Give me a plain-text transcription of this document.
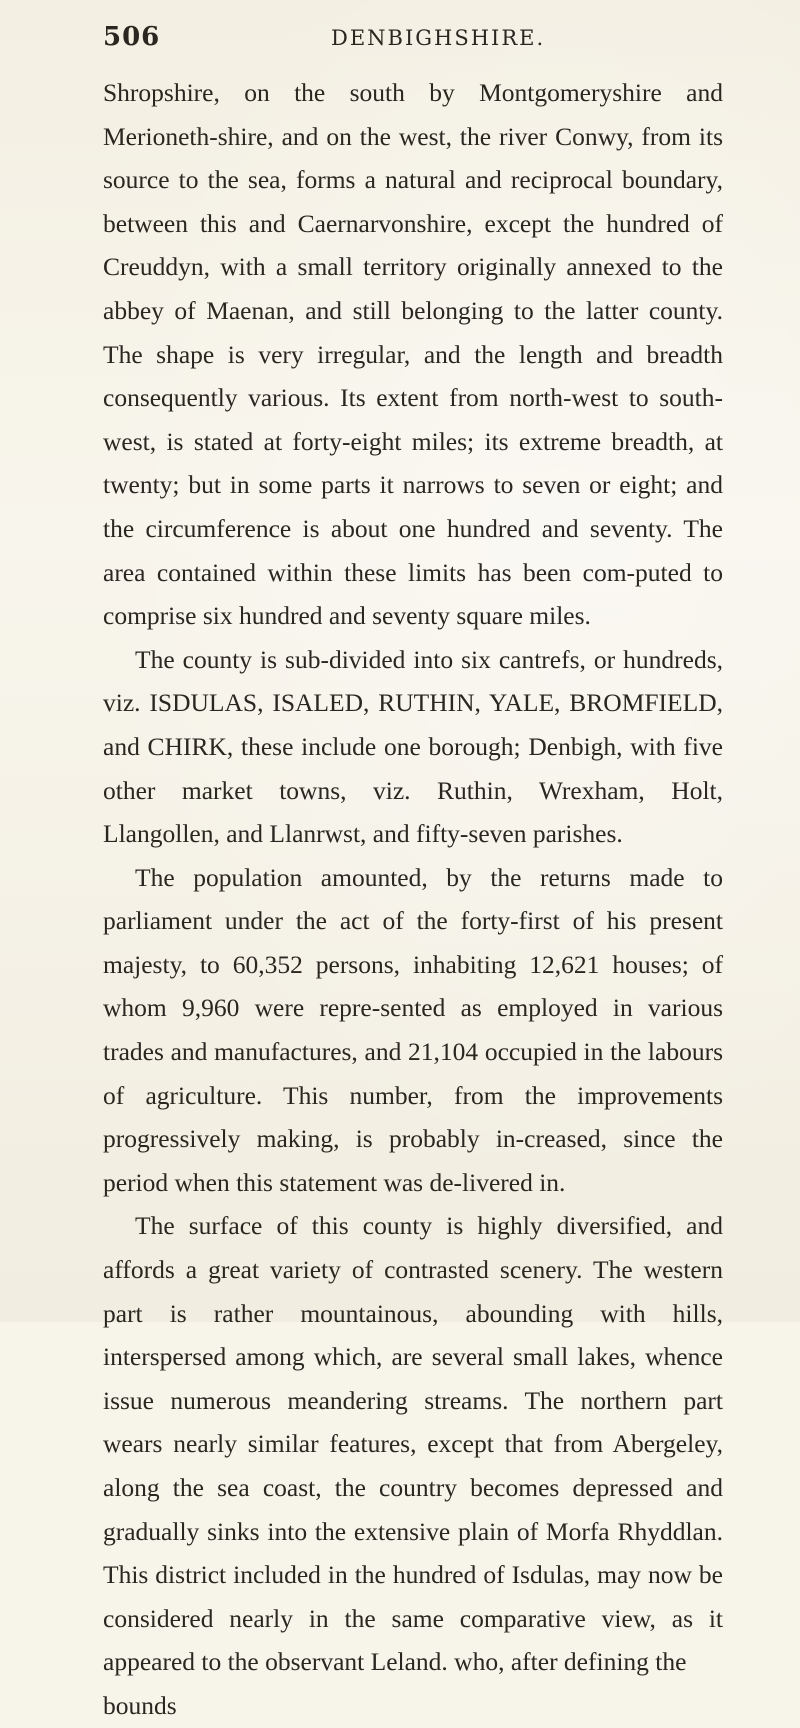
506	DENBIGHSHIRE.

Shropshire, on the south by Montgomeryshire and Merioneth-shire, and on the west, the river Conwy, from its source to the sea, forms a natural and reciprocal boundary, between this and Caernarvonshire, except the hundred of Creuddyn, with a small territory originally annexed to the abbey of Maenan, and still belonging to the latter county. The shape is very irregular, and the length and breadth consequently various. Its extent from north-west to south-west, is stated at forty-eight miles; its extreme breadth, at twenty; but in some parts it narrows to seven or eight; and the circumference is about one hundred and seventy. The area contained within these limits has been com-puted to comprise six hundred and seventy square miles.

The county is sub-divided into six cantrefs, or hundreds, viz. ISDULAS, ISALED, RUTHIN, YALE, BROMFIELD, and CHIRK, these include one borough; Denbigh, with five other market towns, viz. Ruthin, Wrexham, Holt, Llangollen, and Llanrwst, and fifty-seven parishes.

The population amounted, by the returns made to parliament under the act of the forty-first of his present majesty, to 60,352 persons, inhabiting 12,621 houses; of whom 9,960 were repre-sented as employed in various trades and manufactures, and 21,104 occupied in the labours of agriculture. This number, from the improvements progressively making, is probably in-creased, since the period when this statement was de-livered in.

The surface of this county is highly diversified, and affords a great variety of contrasted scenery. The western part is rather mountainous, abounding with hills, interspersed among which, are several small lakes, whence issue numerous meandering streams. The northern part wears nearly similar features, except that from Abergeley, along the sea coast, the country becomes depressed and gradually sinks into the extensive plain of Morfa Rhyddlan. This district included in the hundred of Isdulas, may now be considered nearly in the same comparative view, as it appeared to the observant Leland. who, after defining the

bounds
